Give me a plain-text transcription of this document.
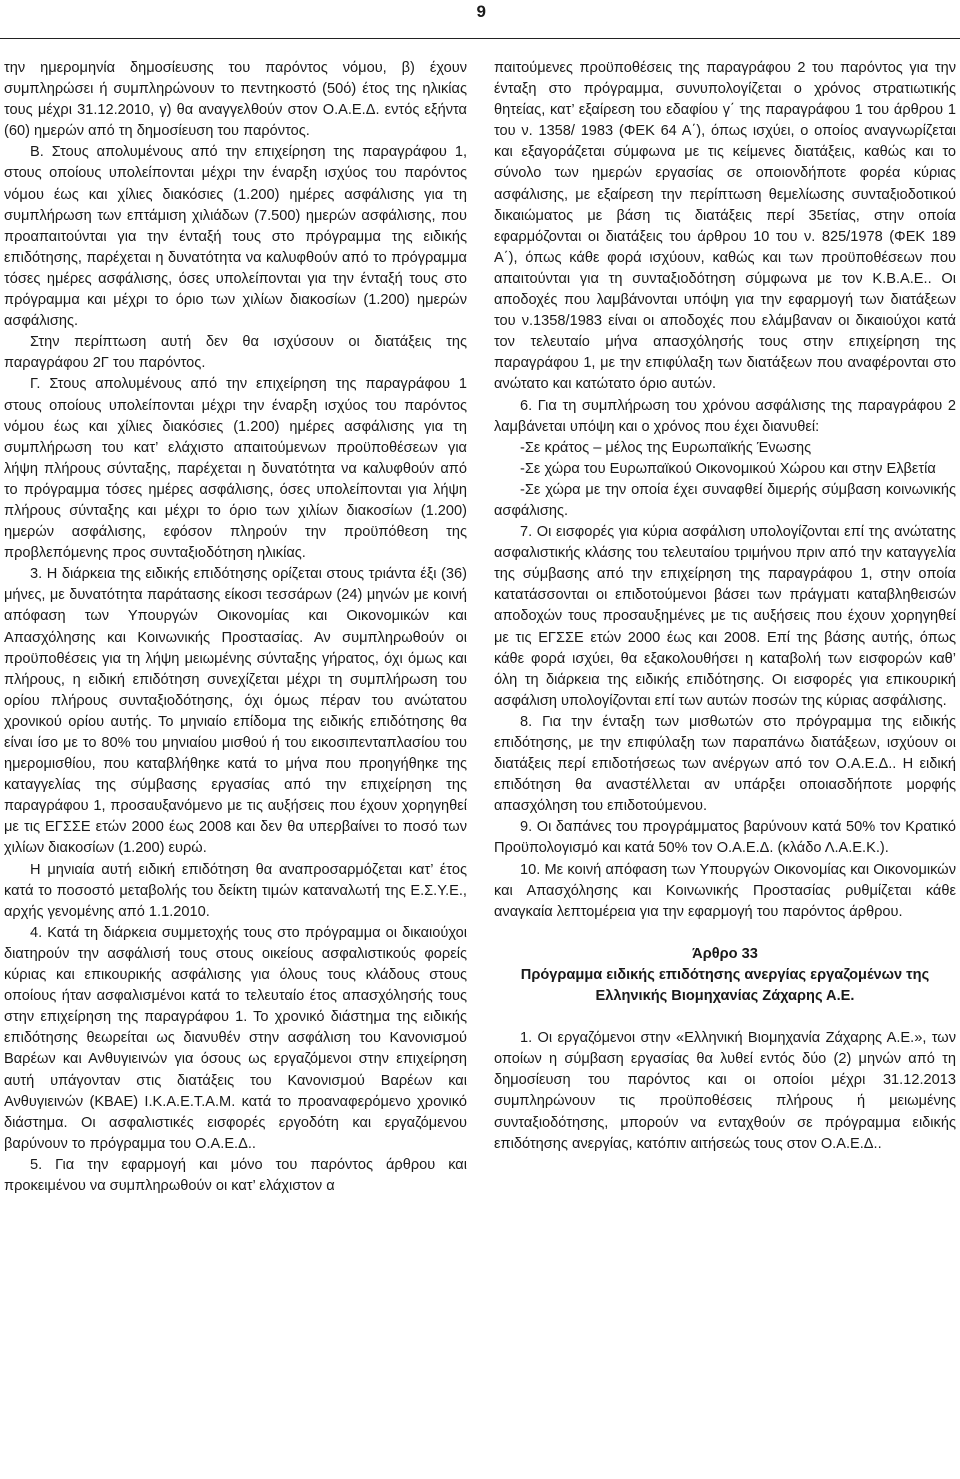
9

την ημερομηνία δημοσίευσης του παρόντος νόμου, β) έχουν συμπληρώσει ή συμπληρώνουν το πεντηκοστό (50ό) έτος της ηλικίας τους μέχρι 31.12.2010, γ) θα αναγγελθούν στον Ο.Α.Ε.Δ. εντός εξήντα (60) ημερών από τη δημοσίευση του παρόντος.

Β. Στους απολυμένους από την επιχείρηση της παραγράφου 1, στους οποίους υπολείπονται μέχρι την έναρξη ισχύος του παρόντος νόμου έως και χίλιες διακόσιες (1.200) ημέρες ασφάλισης για τη συμπλήρωση των επτάμιση χιλιάδων (7.500) ημερών ασφάλισης, που προαπαιτούνται για την ένταξή τους στο πρόγραμμα της ειδικής επιδότησης, παρέχεται η δυνατότητα να καλυφθούν από το πρόγραμμα τόσες ημέρες ασφάλισης, όσες υπολείπονται για την ένταξή τους στο πρόγραμμα και μέχρι το όριο των χιλίων διακοσίων (1.200) ημερών ασφάλισης.

Στην περίπτωση αυτή δεν θα ισχύσουν οι διατάξεις της παραγράφου 2Γ του παρόντος.

Γ. Στους απολυμένους από την επιχείρηση της παραγράφου 1 στους οποίους υπολείπονται μέχρι την έναρξη ισχύος του παρόντος νόμου έως και χίλιες διακόσιες (1.200) ημέρες ασφάλισης για τη συμπλήρωση του κατ’ ελάχιστο απαιτούμενων προϋποθέσεων για λήψη πλήρους σύνταξης, παρέχεται η δυνατότητα να καλυφθούν από το πρόγραμμα τόσες ημέρες ασφάλισης, όσες υπολείπονται για λήψη πλήρους σύνταξης και μέχρι το όριο των χιλίων διακοσίων (1.200) ημερών ασφάλισης, εφόσον πληρούν την προϋπόθεση της προβλεπόμενης προς συνταξιοδότηση ηλικίας.

3. Η διάρκεια της ειδικής επιδότησης ορίζεται στους τριάντα έξι (36) μήνες, με δυνατότητα παράτασης είκοσι τεσσάρων (24) μηνών με κοινή απόφαση των Υπουργών Οικονομίας και Οικονομικών και Απασχόλησης και Κοινωνικής Προστασίας. Αν συμπληρωθούν οι προϋποθέσεις για τη λήψη μειωμένης σύνταξης γήρατος, όχι όμως και πλήρους, η ειδική επιδότηση συνεχίζεται μέχρι τη συμπλήρωση του ορίου πλήρους συνταξιοδότησης, όχι όμως πέραν του ανώτατου χρονικού ορίου αυτής. Το μηνιαίο επίδομα της ειδικής επιδότησης θα είναι ίσο με το 80% του μηνιαίου μισθού ή του εικοσιπενταπλασίου του ημερομισθίου, που καταβλήθηκε κατά το μήνα που προηγήθηκε της καταγγελίας της σύμβασης εργασίας από την επιχείρηση της παραγράφου 1, προσαυξανόμενο με τις αυξήσεις που έχουν χορηγηθεί με τις ΕΓΣΣΕ ετών 2000 έως 2008 και δεν θα υπερβαίνει το ποσό των χιλίων διακοσίων (1.200) ευρώ.

Η μηνιαία αυτή ειδική επιδότηση θα αναπροσαρμόζεται κατ’ έτος κατά το ποσοστό μεταβολής του δείκτη τιμών καταναλωτή της Ε.Σ.Υ.Ε., αρχής γενομένης από 1.1.2010.

4. Κατά τη διάρκεια συμμετοχής τους στο πρόγραμμα οι δικαιούχοι διατηρούν την ασφάλισή τους στους οικείους ασφαλιστικούς φορείς κύριας και επικουρικής ασφάλισης για όλους τους κλάδους στους οποίους ήταν ασφαλισμένοι κατά το τελευταίο έτος απασχόλησής τους στην επιχείρηση της παραγράφου 1. Το χρονικό διάστημα της ειδικής επιδότησης θεωρείται ως διανυθέν στην ασφάλιση του Κανονισμού Βαρέων και Ανθυγιεινών για όσους ως εργαζόμενοι στην επιχείρηση αυτή υπάγονταν στις διατάξεις του Κανονισμού Βαρέων και Ανθυγιεινών (ΚΒΑΕ) Ι.Κ.Α.Ε.Τ.Α.Μ. κατά το προαναφερόμενο χρονικό διάστημα. Οι ασφαλιστικές εισφορές εργοδότη και εργαζόμενου βαρύνουν το πρόγραμμα του Ο.Α.Ε.Δ..

5. Για την εφαρμογή και μόνο του παρόντος άρθρου και προκειμένου να συμπληρωθούν οι κατ’ ελάχιστον α

παιτούμενες προϋποθέσεις της παραγράφου 2 του παρόντος για την ένταξη στο πρόγραμμα, συνυπολογίζεται ο χρόνος στρατιωτικής θητείας, κατ’ εξαίρεση του εδαφίου γ΄ της παραγράφου 1 του άρθρου 1 του ν. 1358/ 1983 (ΦΕΚ 64 Α΄), όπως ισχύει, ο οποίος αναγνωρίζεται και εξαγοράζεται σύμφωνα με τις κείμενες διατάξεις, καθώς και το σύνολο των ημερών εργασίας σε οποιονδήποτε φορέα κύριας ασφάλισης, με εξαίρεση την περίπτωση θεμελίωσης συνταξιοδοτικού δικαιώματος με βάση τις διατάξεις περί 35ετίας, στην οποία εφαρμόζονται οι διατάξεις του άρθρου 10 του ν. 825/1978 (ΦΕΚ 189 Α΄), όπως κάθε φορά ισχύουν, καθώς και των προϋποθέσεων που απαιτούνται για τη συνταξιοδότηση σύμφωνα με τον Κ.Β.Α.Ε.. Οι αποδοχές που λαμβάνονται υπόψη για την εφαρμογή των διατάξεων του ν.1358/1983 είναι οι αποδοχές που ελάμβαναν οι δικαιούχοι κατά τον τελευταίο μήνα απασχόλησής τους στην επιχείρηση της παραγράφου 1, με την επιφύλαξη των διατάξεων που αναφέρονται στο ανώτατο και κατώτατο όριο αυτών.

6. Για τη συμπλήρωση του χρόνου ασφάλισης της παραγράφου 2 λαμβάνεται υπόψη και ο χρόνος που έχει διανυθεί:

-Σε κράτος – μέλος της Ευρωπαϊκής Ένωσης

-Σε χώρα του Ευρωπαϊκού Οικονομικού Χώρου και στην Ελβετία

-Σε χώρα με την οποία έχει συναφθεί διμερής σύμβαση κοινωνικής ασφάλισης.

7. Οι εισφορές για κύρια ασφάλιση υπολογίζονται επί της ανώτατης ασφαλιστικής κλάσης του τελευταίου τριμήνου πριν από την καταγγελία της σύμβασης από την επιχείρηση της παραγράφου 1, στην οποία κατατάσσονται οι επιδοτούμενοι βάσει των πράγματι καταβληθεισών αποδοχών τους προσαυξημένες με τις αυξήσεις που έχουν χορηγηθεί με τις ΕΓΣΣΕ ετών 2000 έως και 2008. Επί της βάσης αυτής, όπως κάθε φορά ισχύει, θα εξακολουθήσει η καταβολή των εισφορών καθ’ όλη τη διάρκεια της ειδικής επιδότησης. Οι εισφορές για επικουρική ασφάλιση υπολογίζονται επί των αυτών ποσών της κύριας ασφάλισης.

8. Για την ένταξη των μισθωτών στο πρόγραμμα της ειδικής επιδότησης, με την επιφύλαξη των παραπάνω διατάξεων, ισχύουν οι διατάξεις περί επιδοτήσεως των ανέργων από τον Ο.Α.Ε.Δ.. Η ειδική επιδότηση θα αναστέλλεται αν υπάρξει οποιασδήποτε μορφής απασχόληση του επιδοτούμενου.

9. Οι δαπάνες του προγράμματος βαρύνουν κατά 50% τον Κρατικό Προϋπολογισμό και κατά 50% τον Ο.Α.Ε.Δ. (κλάδο Λ.Α.Ε.Κ.).

10. Με κοινή απόφαση των Υπουργών Οικονομίας και Οικονομικών και Απασχόλησης και Κοινωνικής Προστασίας ρυθμίζεται κάθε αναγκαία λεπτομέρεια για την εφαρμογή του παρόντος άρθρου.

Άρθρο 33

Πρόγραμμα ειδικής επιδότησης ανεργίας εργαζομένων της Ελληνικής Βιομηχανίας Ζάχαρης Α.Ε.

1. Οι εργαζόμενοι στην «Ελληνική Βιομηχανία Ζάχαρης Α.Ε.», των οποίων η σύμβαση εργασίας θα λυθεί εντός δύο (2) μηνών από τη δημοσίευση του παρόντος και οι οποίοι μέχρι 31.12.2013 συμπληρώνουν τις προϋποθέσεις πλήρους ή μειωμένης συνταξιοδότησης, μπορούν να ενταχθούν σε πρόγραμμα ειδικής επιδότησης ανεργίας, κατόπιν αιτήσεώς τους στον Ο.Α.Ε.Δ..
